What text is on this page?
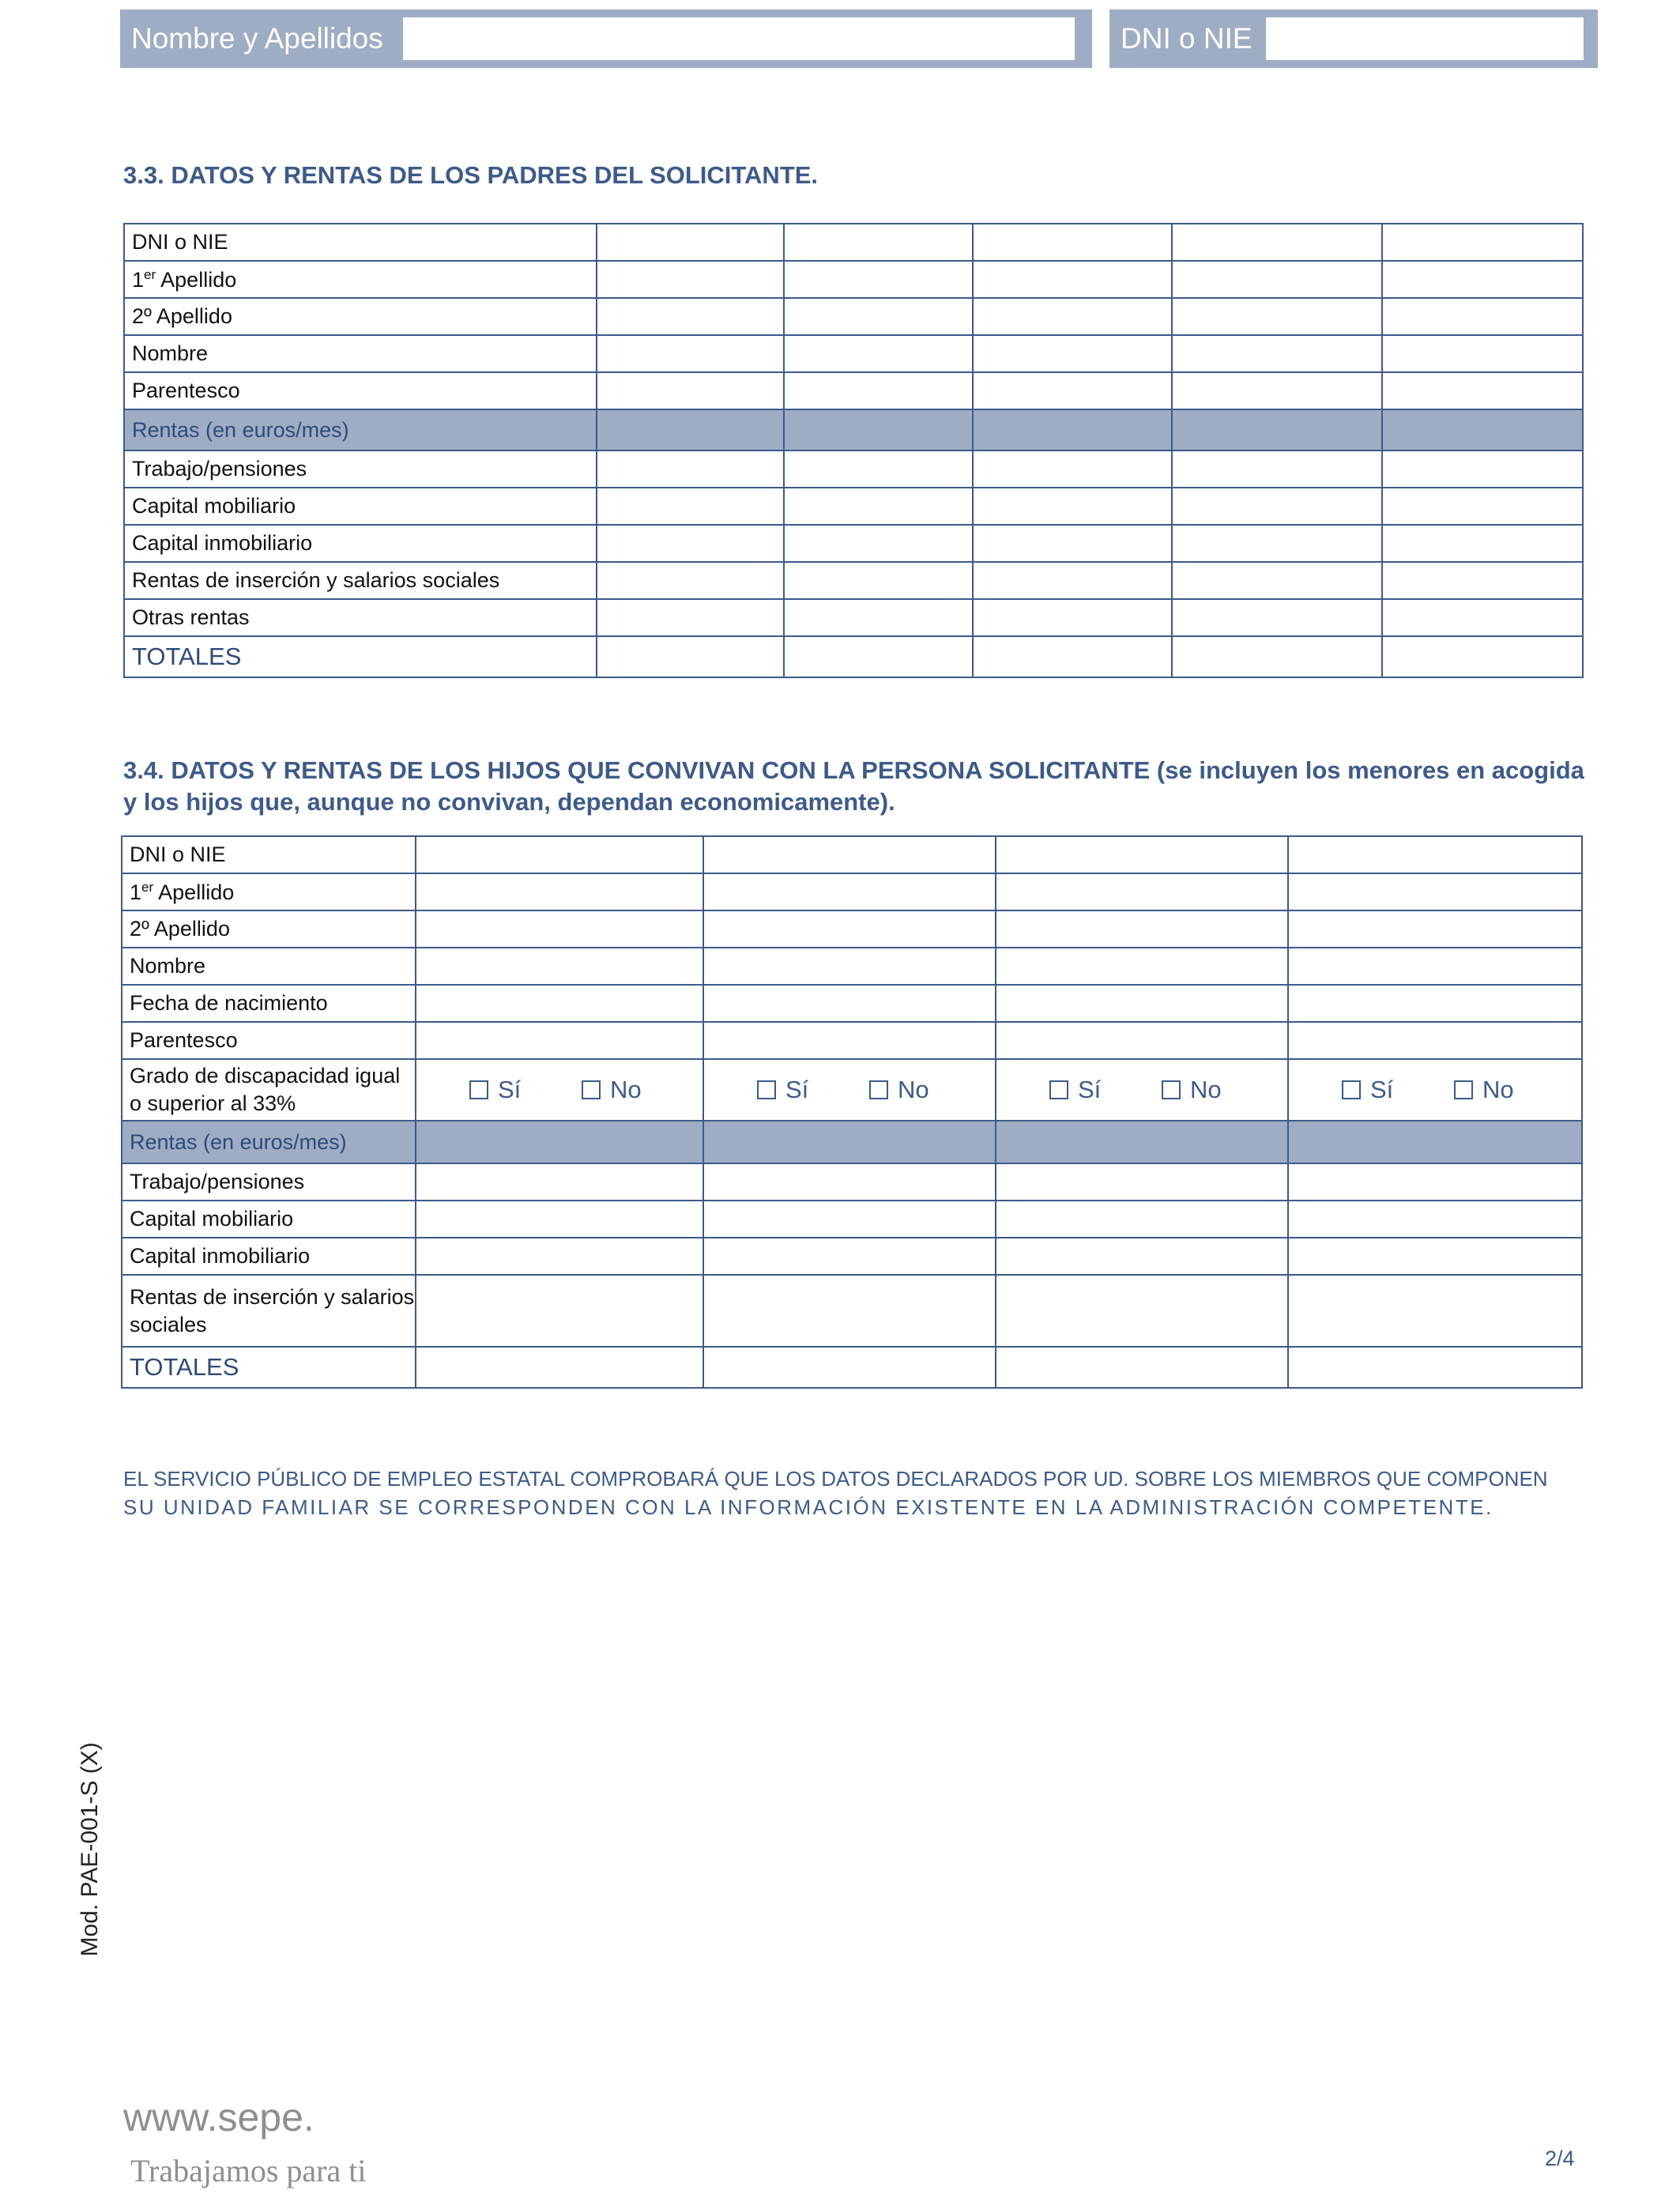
Nombre y Apellidos	DNI o NIE
3.3. DATOS Y RENTAS DE LOS PADRES DEL SOLICITANTE.
DNI o NIE					
1er Apellido					
2º Apellido					
Nombre					
Parentesco					
Rentas (en euros/mes)					
Trabajo/pensiones					
Capital mobiliario					
Capital inmobiliario					
Rentas de inserción y salarios sociales					
Otras rentas					
TOTALES					
3.4. DATOS Y RENTAS DE LOS HIJOS QUE CONVIVAN CON LA PERSONA SOLICITANTE (se incluyen los menores en acogida y los hijos que, aunque no convivan, dependan economicamente).
DNI o NIE				
1er Apellido				
2º Apellido				
Nombre				
Fecha de nacimiento				
Parentesco				
Grado de discapacidad igual o superior al 33%	Sí No	Sí No	Sí No	Sí No

Rentas (en euros/mes)				
Trabajo/pensiones				
Capital mobiliario				
Capital inmobiliario				
Rentas de inserción y salarios sociales				
TOTALES				
EL SERVICIO PÚBLICO DE EMPLEO ESTATAL COMPROBARÁ QUE LOS DATOS DECLARADOS POR UD. SOBRE LOS MIEMBROS QUE COMPONEN
SU UNIDAD FAMILIAR SE CORRESPONDEN CON LA INFORMACIÓN EXISTENTE EN LA ADMINISTRACIÓN COMPETENTE.
Mod. PAE-001-S (X)
www.sepe.
Trabajamos para ti	2/4
